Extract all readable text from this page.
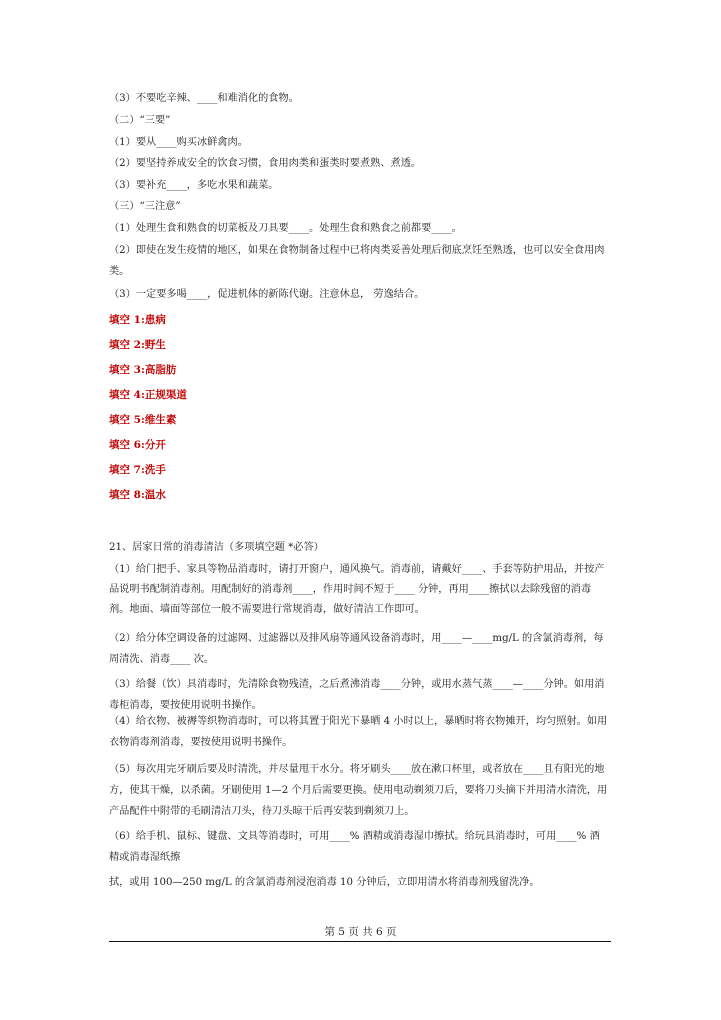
（3）不要吃辛辣、____和难消化的食物。
（二）“三要”
（1）要从____购买冰鲜禽肉。
（2）要坚持养成安全的饮食习惯，食用肉类和蛋类时要煮熟、煮透。
（3）要补充____，多吃水果和蔬菜。
（三）“三注意”
（1）处理生食和熟食的切菜板及刀具要____。处理生食和熟食之前都要____。
（2）即使在发生疫情的地区，如果在食物制备过程中已将肉类妥善处理后彻底烹饪至熟透，也可以安全食用肉类。
（3）一定要多喝____，促进机体的新陈代谢。注意休息， 劳逸结合。
填空 1:患病
填空 2:野生
填空 3:高脂肪
填空 4:正规渠道
填空 5:维生素
填空 6:分开
填空 7:洗手
填空 8:温水
21、居家日常的消毒清洁（多项填空题 *必答）
（1）给门把手、家具等物品消毒时，请打开窗户，通风换气。消毒前，请戴好____、手套等防护用品，并按产品说明书配制消毒剂。用配制好的消毒剂____，作用时间不短于____ 分钟，再用____擦拭以去除残留的消毒剂。地面、墙面等部位一般不需要进行常规消毒，做好清洁工作即可。
（2）给分体空调设备的过滤网、过滤器以及排风扇等通风设备消毒时，用____—____mg/L 的含氯消毒剂，每周清洗、消毒____ 次。
（3）给餐（饮）具消毒时，先清除食物残渣，之后煮沸消毒____分钟，或用水蒸气蒸____—____分钟。如用消毒柜消毒，要按使用说明书操作。
（4）给衣物、被褥等织物消毒时，可以将其置于阳光下暴晒 4 小时以上，暴晒时将衣物摊开，均匀照射。如用衣物消毒剂消毒，要按使用说明书操作。
（5）每次用完牙刷后要及时清洗，并尽量甩干水分。将牙刷头____放在漱口杯里，或者放在____且有阳光的地方，使其干燥，以杀菌。牙刷使用 1—2 个月后需要更换。使用电动剃须刀后，要将刀头摘下并用清水清洗，用产品配件中附带的毛刷清洁刀头，待刀头晾干后再安装到剃须刀上。
（6）给手机、鼠标、键盘、文具等消毒时，可用____% 酒精或消毒湿巾擦拭。给玩具消毒时，可用____% 酒精或消毒湿纸擦
拭，或用 100—250 mg/L 的含氯消毒剂浸泡消毒 10 分钟后，立即用清水将消毒剂残留洗净。
第 5 页 共 6 页
